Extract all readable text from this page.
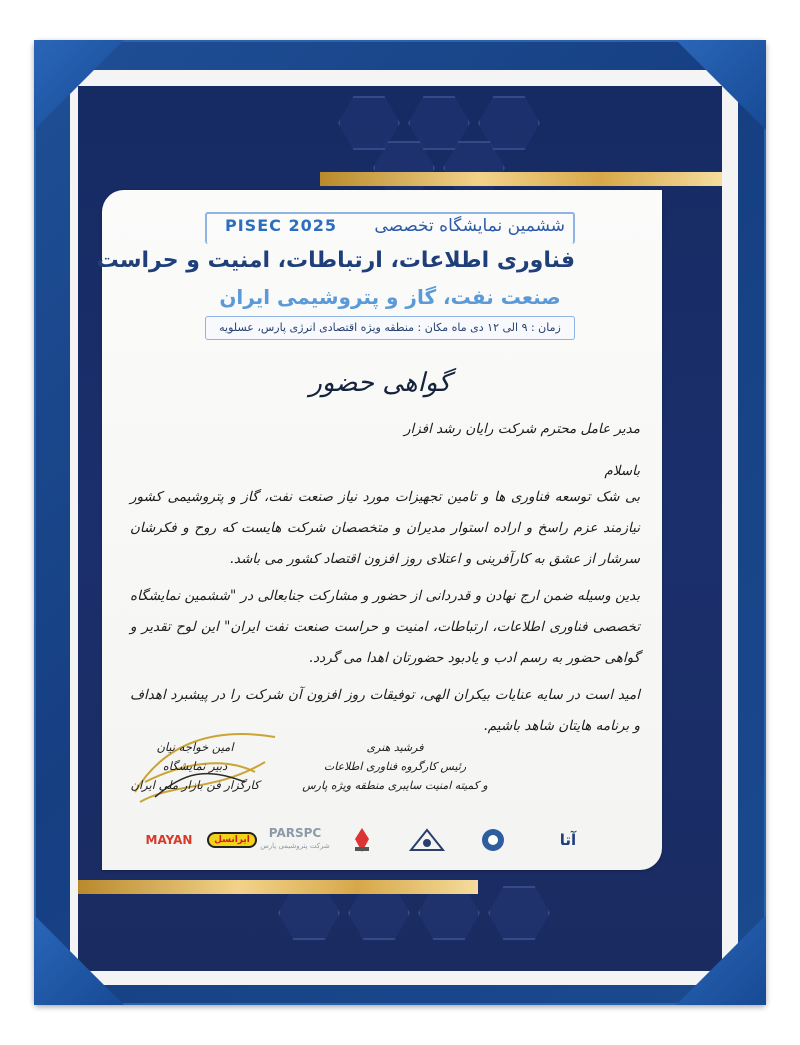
ششمین نمایشگاه تخصصی
PISEC 2025
فناوری اطلاعات، ارتباطات، امنیت و حراست
صنعت نفت، گاز و پتروشیمی ایران
زمان : ۹ الی ۱۲ دی ماه مکان : منطقه ویژه اقتصادی انرژی پارس، عسلویه
گواهی حضور

مدیر عامل محترم شرکت رایان رشد افزار

باسلام

بی شک توسعه فناوری ها و تامین تجهیزات مورد نیاز صنعت نفت، گاز و پتروشیمی کشور نیازمند عزم راسخ و اراده استوار مدیران و متخصصان شرکت هایست که روح و فکرشان سرشار از عشق به کارآفرینی و اعتلای روز افزون اقتصاد کشور می باشد.

بدین وسیله ضمن ارج نهادن و قدردانی از حضور و مشارکت جنابعالی در "ششمین نمایشگاه تخصصی فناوری اطلاعات، ارتباطات، امنیت و حراست صنعت نفت ایران" این لوح تقدیر و گواهی حضور به رسم ادب و یادبود حضورتان اهدا می گردد.

امید است در سایه عنایات بیکران الهی، توفیقات روز افزون آن شرکت را در پیشبرد اهداف و برنامه هایتان شاهد باشیم.

امین خواجه نیان
دبیر نمایشگاه
کارگزار فن بازار ملی ایران
فرشید هنری
رئیس کارگروه فناوری اطلاعات
و کمیته امنیت سایبری منطقه ویژه پارس
MAYAN	ایرانسل	PARSPC
شرکت پتروشیمی پارس	آتا
